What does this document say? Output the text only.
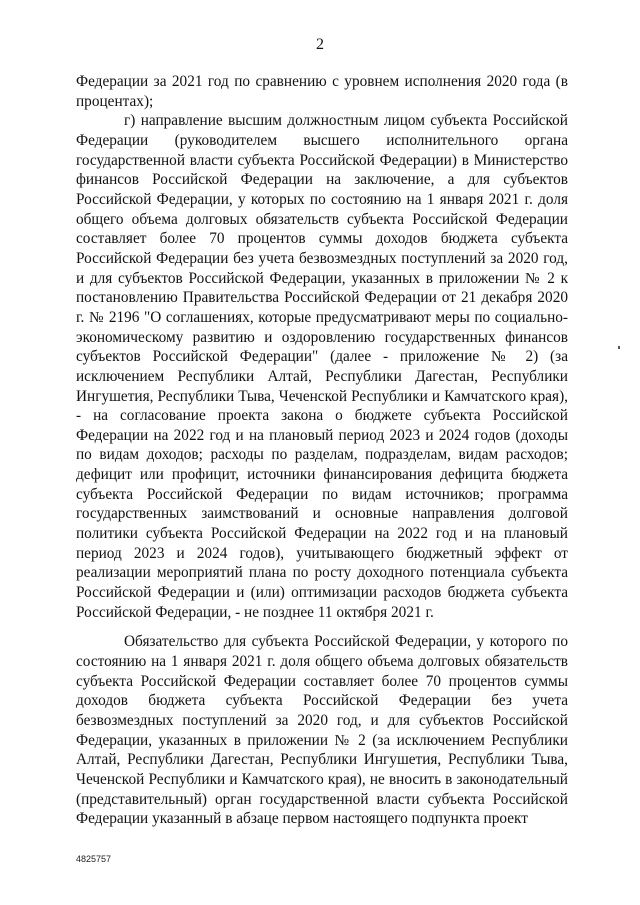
2

Федерации за 2021 год по сравнению с уровнем исполнения 2020 года (в процентах);

г) направление высшим должностным лицом субъекта Российской Федерации (руководителем высшего исполнительного органа государственной власти субъекта Российской Федерации) в Министерство финансов Российской Федерации на заключение, а для субъектов Российской Федерации, у которых по состоянию на 1 января 2021 г. доля общего объема долговых обязательств субъекта Российской Федерации составляет более 70 процентов суммы доходов бюджета субъекта Российской Федерации без учета безвозмездных поступлений за 2020 год, и для субъектов Российской Федерации, указанных в приложении № 2 к постановлению Правительства Российской Федерации от 21 декабря 2020 г. № 2196 "О соглашениях, которые предусматривают меры по социально-экономическому развитию и оздоровлению государственных финансов субъектов Российской Федерации" (далее - приложение № 2) (за исключением Республики Алтай, Республики Дагестан, Республики Ингушетия, Республики Тыва, Чеченской Республики и Камчатского края), - на согласование проекта закона о бюджете субъекта Российской Федерации на 2022 год и на плановый период 2023 и 2024 годов (доходы по видам доходов; расходы по разделам, подразделам, видам расходов; дефицит или профицит, источники финансирования дефицита бюджета субъекта Российской Федерации по видам источников; программа государственных заимствований и основные направления долговой политики субъекта Российской Федерации на 2022 год и на плановый период 2023 и 2024 годов), учитывающего бюджетный эффект от реализации мероприятий плана по росту доходного потенциала субъекта Российской Федерации и (или) оптимизации расходов бюджета субъекта Российской Федерации, - не позднее 11 октября 2021 г.

Обязательство для субъекта Российской Федерации, у которого по состоянию на 1 января 2021 г. доля общего объема долговых обязательств субъекта Российской Федерации составляет более 70 процентов суммы доходов бюджета субъекта Российской Федерации без учета безвозмездных поступлений за 2020 год, и для субъектов Российской Федерации, указанных в приложении № 2 (за исключением Республики Алтай, Республики Дагестан, Республики Ингушетия, Республики Тыва, Чеченской Республики и Камчатского края), не вносить в законодательный (представительный) орган государственной власти субъекта Российской Федерации указанный в абзаце первом настоящего подпункта проект

4825757
